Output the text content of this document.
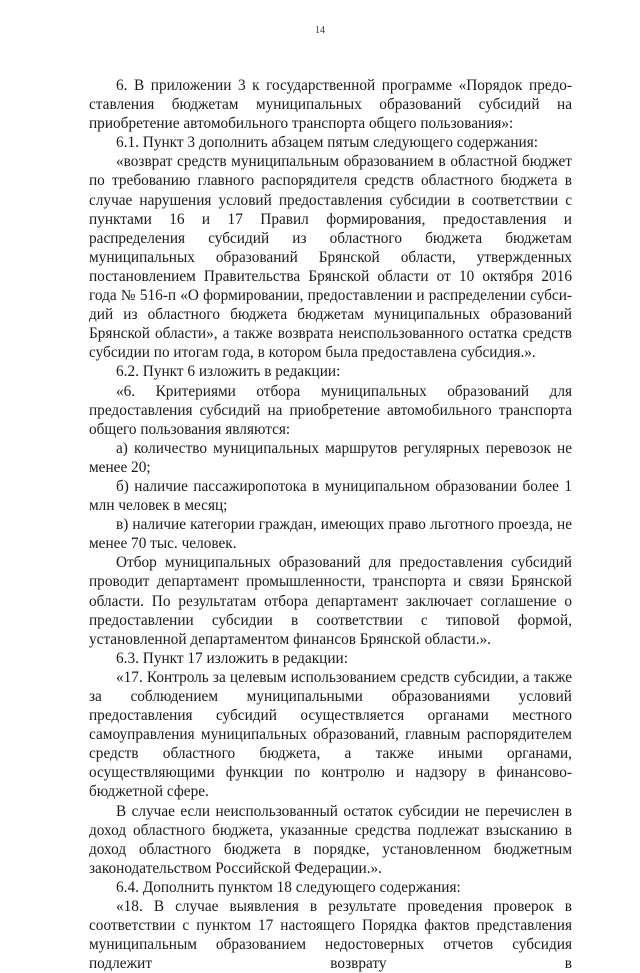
14

6. В приложении 3 к государственной программе «Порядок предоставления бюджетам муниципальных образований субсидий на приобретение автомобильного транспорта общего пользования»:

6.1. Пункт 3 дополнить абзацем пятым следующего содержания:

«возврат средств муниципальным образованием в областной бюджет по требованию главного распорядителя средств областного бюджета в случае нарушения условий предоставления субсидии в соответствии с пунктами 16 и 17 Правил формирования, предоставления и распределения субсидий из областного бюджета бюджетам муниципальных образований Брянской области, утвержденных постановлением Правительства Брянской области от 10 октября 2016 года № 516-п «О формировании, предоставлении и распределении субсидий из областного бюджета бюджетам муниципальных образований Брянской области», а также возврата неиспользованного остатка средств субсидии по итогам года, в котором была предоставлена субсидия.».

6.2. Пункт 6 изложить в редакции:

«6. Критериями отбора муниципальных образований для предоставления субсидий на приобретение автомобильного транспорта общего пользования являются:

а) количество муниципальных маршрутов регулярных перевозок не менее 20;

б) наличие пассажиропотока в муниципальном образовании более 1 млн человек в месяц;

в) наличие категории граждан, имеющих право льготного проезда, не менее 70 тыс. человек.

Отбор муниципальных образований для предоставления субсидий проводит департамент промышленности, транспорта и связи Брянской области. По результатам отбора департамент заключает соглашение о предоставлении субсидии в соответствии с типовой формой, установленной департаментом финансов Брянской области.».

6.3. Пункт 17 изложить в редакции:

«17. Контроль за целевым использованием средств субсидии, а также за соблюдением муниципальными образованиями условий предоставления субсидий осуществляется органами местного самоуправления муниципальных образований, главным распорядителем средств областного бюджета, а также иными органами, осуществляющими функции по контролю и надзору в финансово-бюджетной сфере.

В случае если неиспользованный остаток субсидии не перечислен в доход областного бюджета, указанные средства подлежат взысканию в доход областного бюджета в порядке, установленном бюджетным законодательством Российской Федерации.».

6.4. Дополнить пунктом 18 следующего содержания:

«18. В случае выявления в результате проведения проверок в соответствии с пунктом 17 настоящего Порядка фактов представления муниципальным образованием недостоверных отчетов субсидия подлежит возврату в
